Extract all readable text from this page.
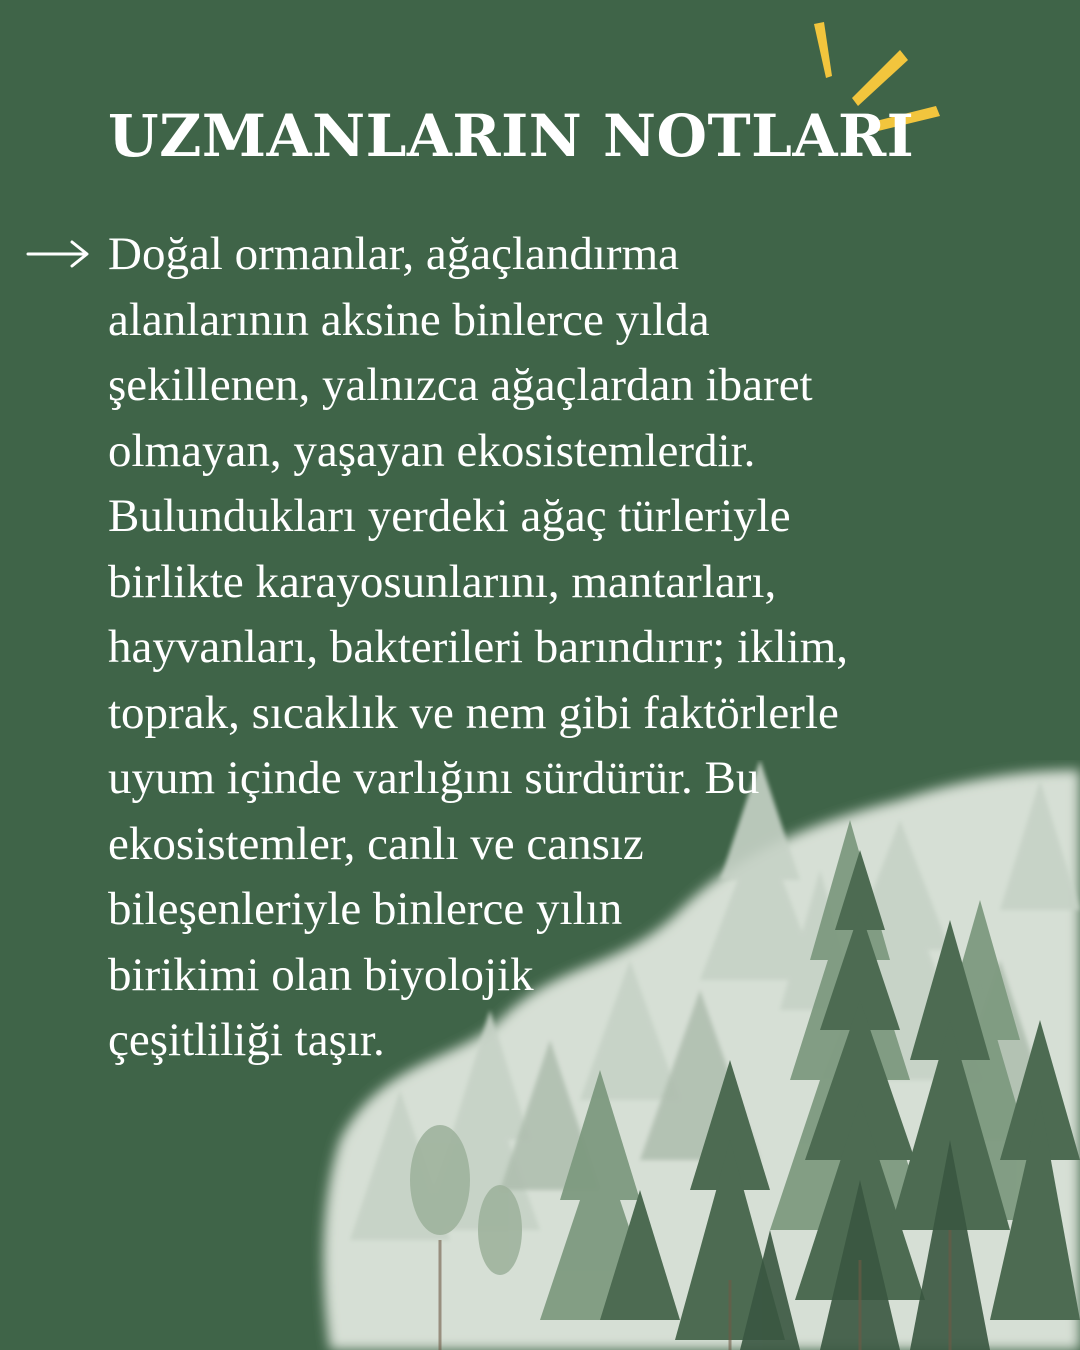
UZMANLARIN NOTLARI
Doğal ormanlar, ağaçlandırma
alanlarının aksine binlerce yılda
şekillenen, yalnızca ağaçlardan ibaret
olmayan, yaşayan ekosistemlerdir.
Bulundukları yerdeki ağaç türleriyle
birlikte karayosunlarını, mantarları,
hayvanları, bakterileri barındırır; iklim,
toprak, sıcaklık ve nem gibi faktörlerle
uyum içinde varlığını sürdürür. Bu
ekosistemler, canlı ve cansız
bileşenleriyle binlerce yılın
birikimi olan biyolojik
çeşitliliği taşır.
